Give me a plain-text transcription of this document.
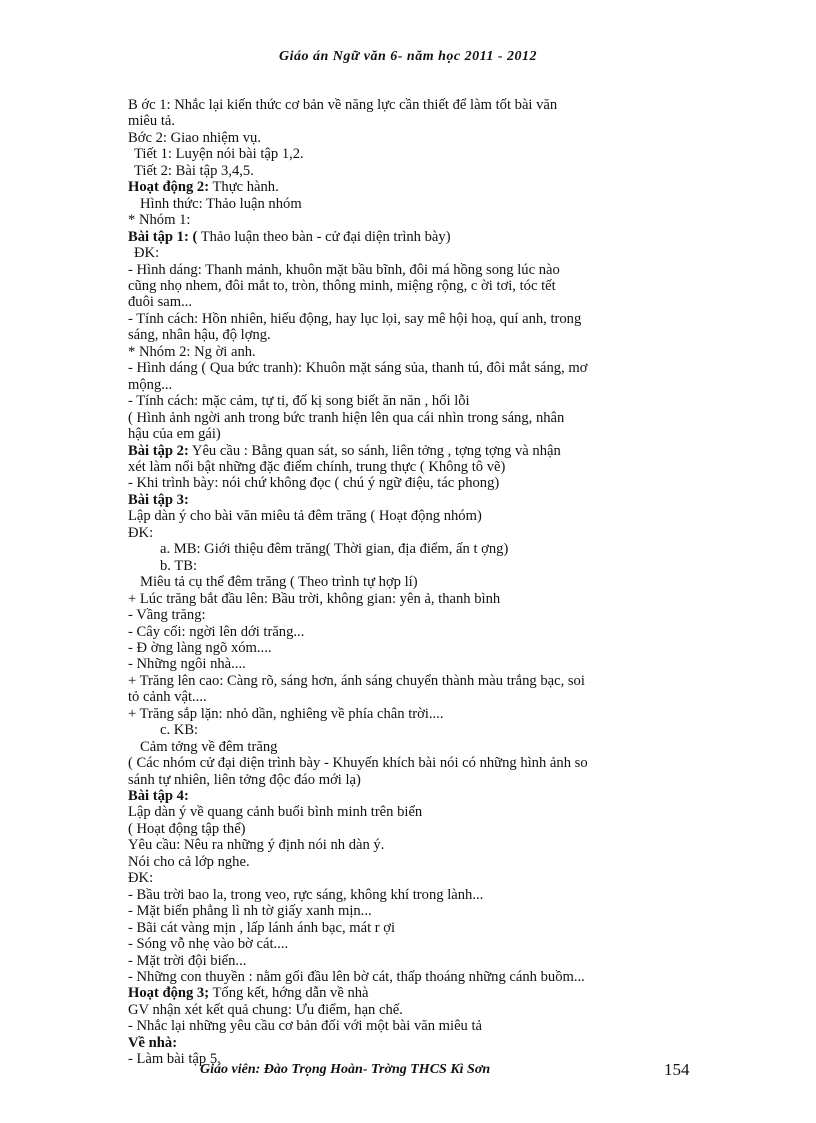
Giáo án Ngữ văn 6- năm học 2011 - 2012
B ớc 1: Nhắc lại kiến thức cơ bản về năng lực cần thiết để làm tốt bài văn
miêu tả.
Bớc 2: Giao nhiệm vụ.
Tiết 1: Luyện nói bài tập 1,2.
Tiết 2: Bài tập 3,4,5.
Hoạt động 2: Thực hành.
Hình thức: Thảo luận nhóm
* Nhóm 1:
Bài tập 1: ( Thảo luận theo bàn - cử đại diện trình bày)
ĐK:
- Hình dáng: Thanh mảnh, khuôn mặt bầu bĩnh, đôi má hồng song lúc nào
cũng nhọ nhem, đôi mắt to, tròn, thông minh, miệng rộng, c ời tơi, tóc tết
đuôi sam...
- Tính cách: Hồn nhiên, hiếu động, hay lục lọi, say mê hội hoạ, quí anh, trong
sáng, nhân hậu, độ lợng.
* Nhóm 2: Ng ời anh.
- Hình dáng ( Qua bức tranh): Khuôn mặt sáng sủa, thanh tú, đôi mắt sáng, mơ
mộng...
- Tính cách: mặc cảm, tự ti, đố kị song biết ăn năn , hối lỗi
( Hình ảnh ngời anh trong bức tranh hiện lên qua cái nhìn trong sáng, nhân
hậu của em gái)
Bài tập 2: Yêu cầu : Bằng quan sát, so sánh, liên tởng , tợng tợng và nhận
xét làm nổi bật những đặc điểm chính, trung thực ( Không tô vẽ)
- Khi trình bày: nói chứ không đọc ( chú ý ngữ điệu, tác phong)
Bài tập 3:
Lập dàn ý cho bài văn miêu tả đêm trăng ( Hoạt động nhóm)
ĐK:
a. MB: Giới thiệu đêm trăng( Thời gian, địa điểm, ấn t ợng)
b. TB:
Miêu tả cụ thể đêm trăng ( Theo trình tự hợp lí)
+ Lúc trăng bắt đầu lên: Bầu trời, không gian: yên ả, thanh bình
- Vầng trăng:
- Cây cối: ngời lên dới trăng...
- Đ ờng làng ngõ xóm....
- Những ngôi nhà....
+ Trăng lên cao: Càng rõ, sáng hơn, ánh sáng chuyển thành màu trắng bạc, soi
tỏ cảnh vật....
+ Trăng sắp lặn: nhỏ dần, nghiêng về phía chân trời....
c. KB:
Cảm tởng về đêm trăng
( Các nhóm cử đại diện trình bày - Khuyến khích bài nói có những hình ảnh so
sánh tự nhiên, liên tởng độc đáo mới lạ)
Bài tập 4:
Lập dàn ý về quang cảnh buổi bình minh trên biển
( Hoạt động tập thể)
Yêu cầu: Nêu ra những ý định nói nh dàn ý.
Nói cho cả lớp nghe.
ĐK:
- Bầu trời bao la, trong veo, rực sáng, không khí trong lành...
- Mặt biển phẳng lì nh tờ giấy xanh mịn...
- Bãi cát vàng mịn , lấp lánh ánh bạc, mát r ợi
- Sóng vỗ nhẹ vào bờ cát....
- Mặt trời đội biển...
- Những con thuyền : nằm gối đầu lên bờ cát, thấp thoáng những cánh buồm...
Hoạt động 3; Tổng kết, hớng dẫn về nhà
GV nhận xét kết quả chung: Ưu điểm, hạn chế.
- Nhắc lại những yêu cầu cơ bản đối với một bài văn miêu tả
Về nhà:
- Làm bài tập 5.
Giáo viên: Đào Trọng Hoàn- Trờng THCS Kì Sơn	154
